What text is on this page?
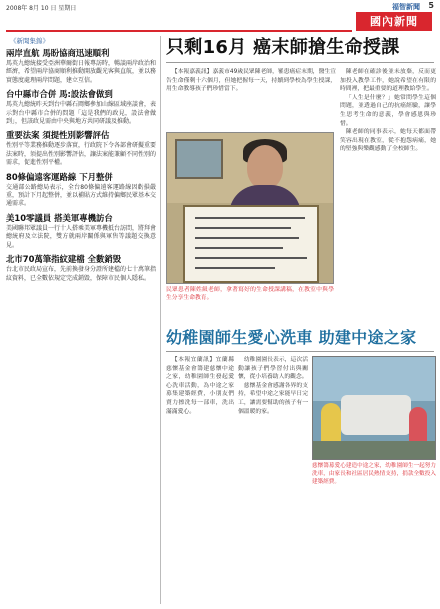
2008年 8月 10 日 星期日	福智新聞 5
國內新聞
《新聞集錦》
兩岸直航 馬盼協商迅速順利

馬英九總統接受亞洲華爾街日報專訪時，暢談兩岸政治和經濟，希望兩岸協商順利推動開放觀光客與直航，並以務實態度處理兩岸問題，建立互信。

台中縣市合併 馬:設法會做到

馬英九總統昨天到台中縣石岡鄉參加山線區域座談會，表示對台中縣市合併的問題「這是我們的政見，設法會做到」，但該政見需由中央與地方共同研議及推動。

重要法案 須提性別影響評估

性別平等業務推動逐步落實，行政院下令各部會研擬重要法案時，須提出性別影響評估，讓法案能兼顧不同性別的需求，促進性別平權。

80條偏遠客運路線 下月整併

交通部公路總局表示，全台80條偏遠客運路線因虧損嚴重，預計下月起整併，並以補貼方式維持偏鄉民眾基本交通需求。

美10零議員 搭美軍專機訪台

美國聯邦眾議員一行十人搭乘美軍專機抵台訪問，將拜會總統府及立法院，雙方就兩岸關係與軍售等議題交換意見。

北市70萬筆指紋建檔 全數銷毀

台北市民政局宣布，先前換發身分證所建檔的七十萬筆指紋資料，已全數依規定完成銷毀，保障市民個人隱私。

只剩16月 癌末師搶生命授課

【本報嘉義訊】嘉義市49歲民眾陳老師，罹患癌症末期，醫生宣告生命僅剩十六個月，但她把握每一天，持續到學校為學生授課，用生命教導孩子們珍惜當下。

陳老師在確診後並未放棄，反而更加投入教學工作，她說希望在有限的時間裡，把最重要的道理教給學生。

「人生是什麼？」她常問學生這個問題，並透過自己的抗癌經驗，讓學生思考生命的意義，學會感恩與珍惜。

陳老師的同事表示，她每天都面帶笑容出現在教室，從不抱怨病痛，她的堅強與樂觀感動了全校師生。

民眾患者陳姓級老師，拿著寫好的生命授課講稿，在教室中與學生分享生命教育。
幼稚園師生愛心洗車 助建中途之家

【本報宜蘭訊】宜蘭縣慈懷基金會籌建慈懷中途之家，幼稚園師生發起愛心洗車活動，為中途之家募集建築經費，小朋友們賣力擦洗每一部車，洗出滿滿愛心。

幼稚園園長表示，這次活動讓孩子們學習付出與關懷，從小培養助人的觀念。

慈懷基金會感謝各界的支持，希望中途之家能早日完工，讓需要幫助的孩子有一個溫暖的家。

慈懷籌募愛心建造中途之家，幼稚園師生一起努力洗車，由家長和社區居民熱情支持，捐款全數投入建築經費。
